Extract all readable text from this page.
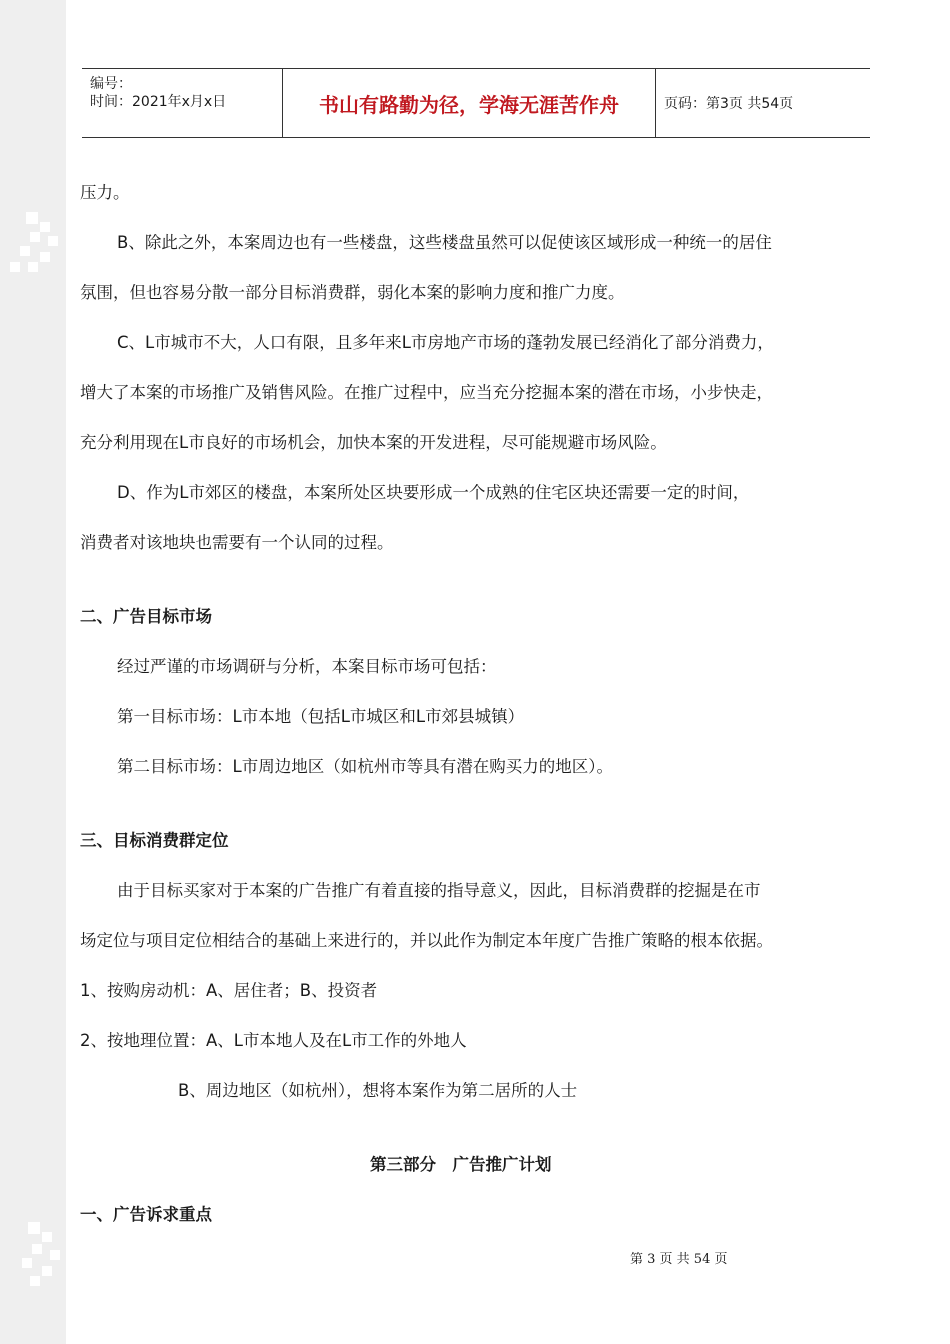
编号：
时间：2021年x月x日	书山有路勤为径，学海无涯苦作舟	页码：第3页 共54页
压力。
B、除此之外，本案周边也有一些楼盘，这些楼盘虽然可以促使该区域形成一种统一的居住
氛围，但也容易分散一部分目标消费群，弱化本案的影响力度和推广力度。
C、L市城市不大，人口有限，且多年来L市房地产市场的蓬勃发展已经消化了部分消费力，
增大了本案的市场推广及销售风险。在推广过程中，应当充分挖掘本案的潜在市场，小步快走，
充分利用现在L市良好的市场机会，加快本案的开发进程，尽可能规避市场风险。
D、作为L市郊区的楼盘，本案所处区块要形成一个成熟的住宅区块还需要一定的时间，
消费者对该地块也需要有一个认同的过程。
二、广告目标市场
经过严谨的市场调研与分析，本案目标市场可包括：
第一目标市场：L市本地（包括L市城区和L市郊县城镇）
第二目标市场：L市周边地区（如杭州市等具有潜在购买力的地区）。
三、目标消费群定位
由于目标买家对于本案的广告推广有着直接的指导意义，因此，目标消费群的挖掘是在市
场定位与项目定位相结合的基础上来进行的，并以此作为制定本年度广告推广策略的根本依据。
1、按购房动机：A、居住者；B、投资者
2、按地理位置：A、L市本地人及在L市工作的外地人
B、周边地区（如杭州），想将本案作为第二居所的人士
第三部分　广告推广计划
一、广告诉求重点
第 3 页 共 54 页
